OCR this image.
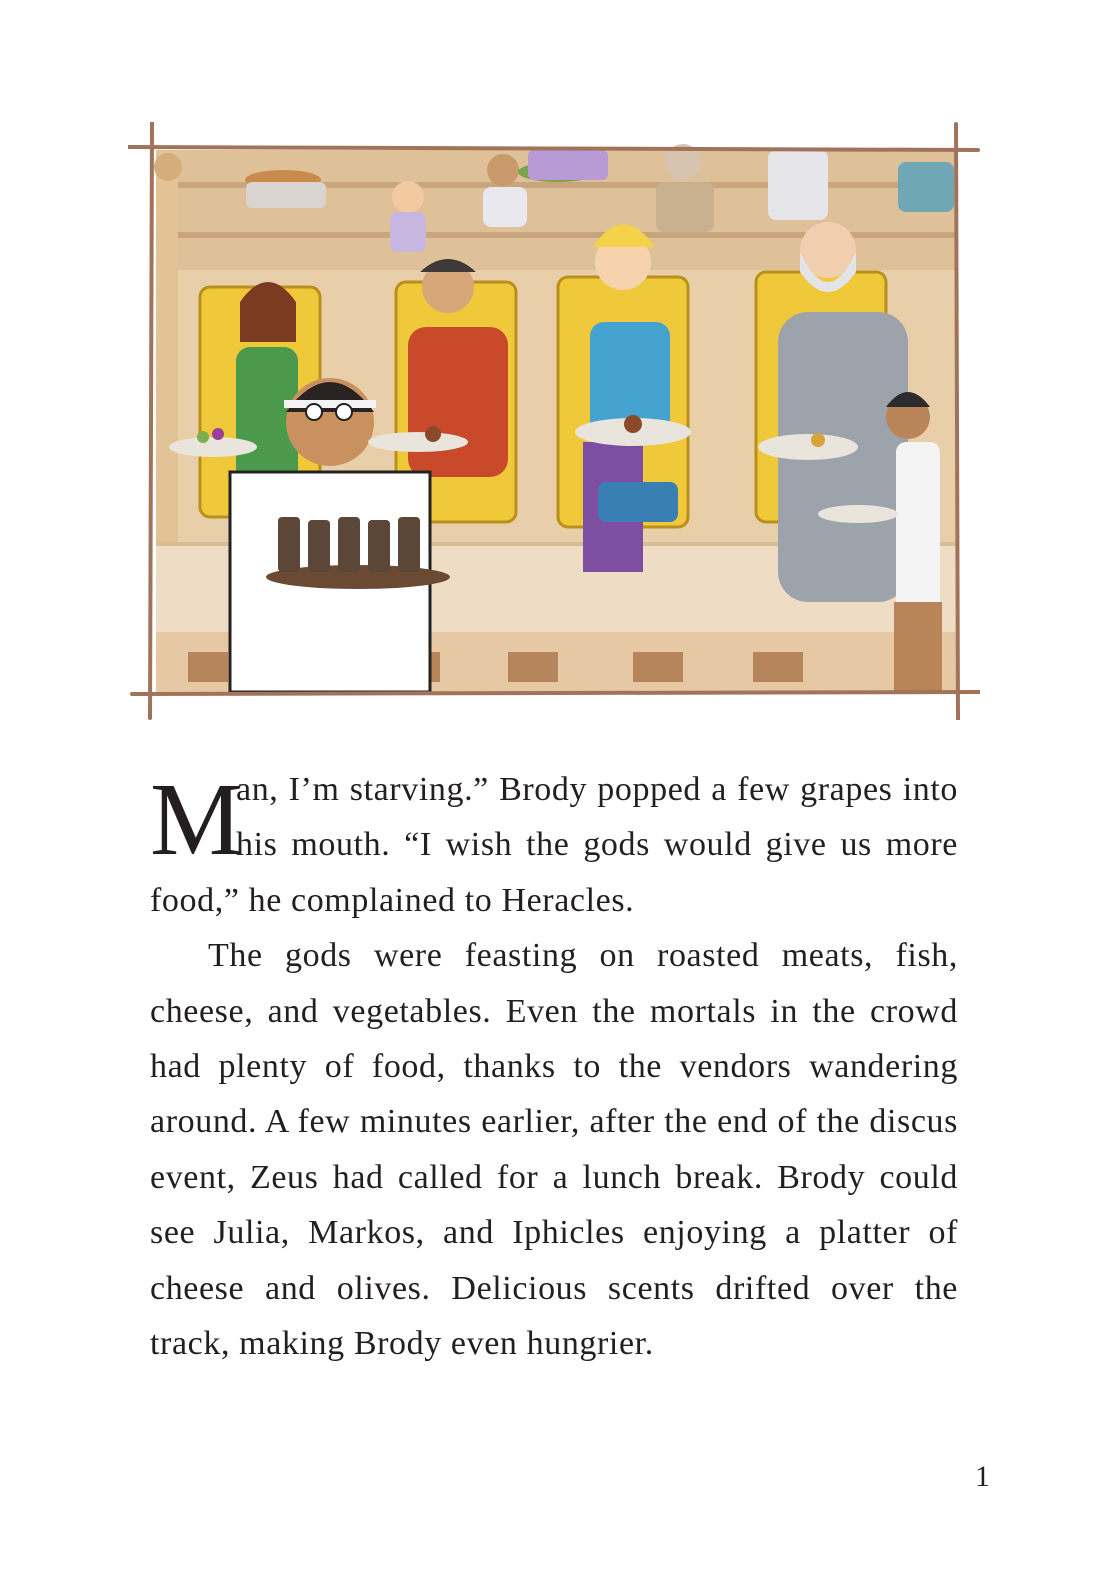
M
an, I’m starving.” Brody popped a few grapes into his mouth. “I wish the gods would give us more food,” he complained to Heracles.

The gods were feasting on roasted meats, fish, cheese, and vegetables. Even the mortals in the crowd had plenty of food, thanks to the vendors wandering around. A few minutes earlier, after the end of the discus event, Zeus had called for a lunch break. Brody could see Julia, Markos, and Iphicles enjoying a platter of cheese and olives. Delicious scents drifted over the track, making Brody even hungrier.

1
